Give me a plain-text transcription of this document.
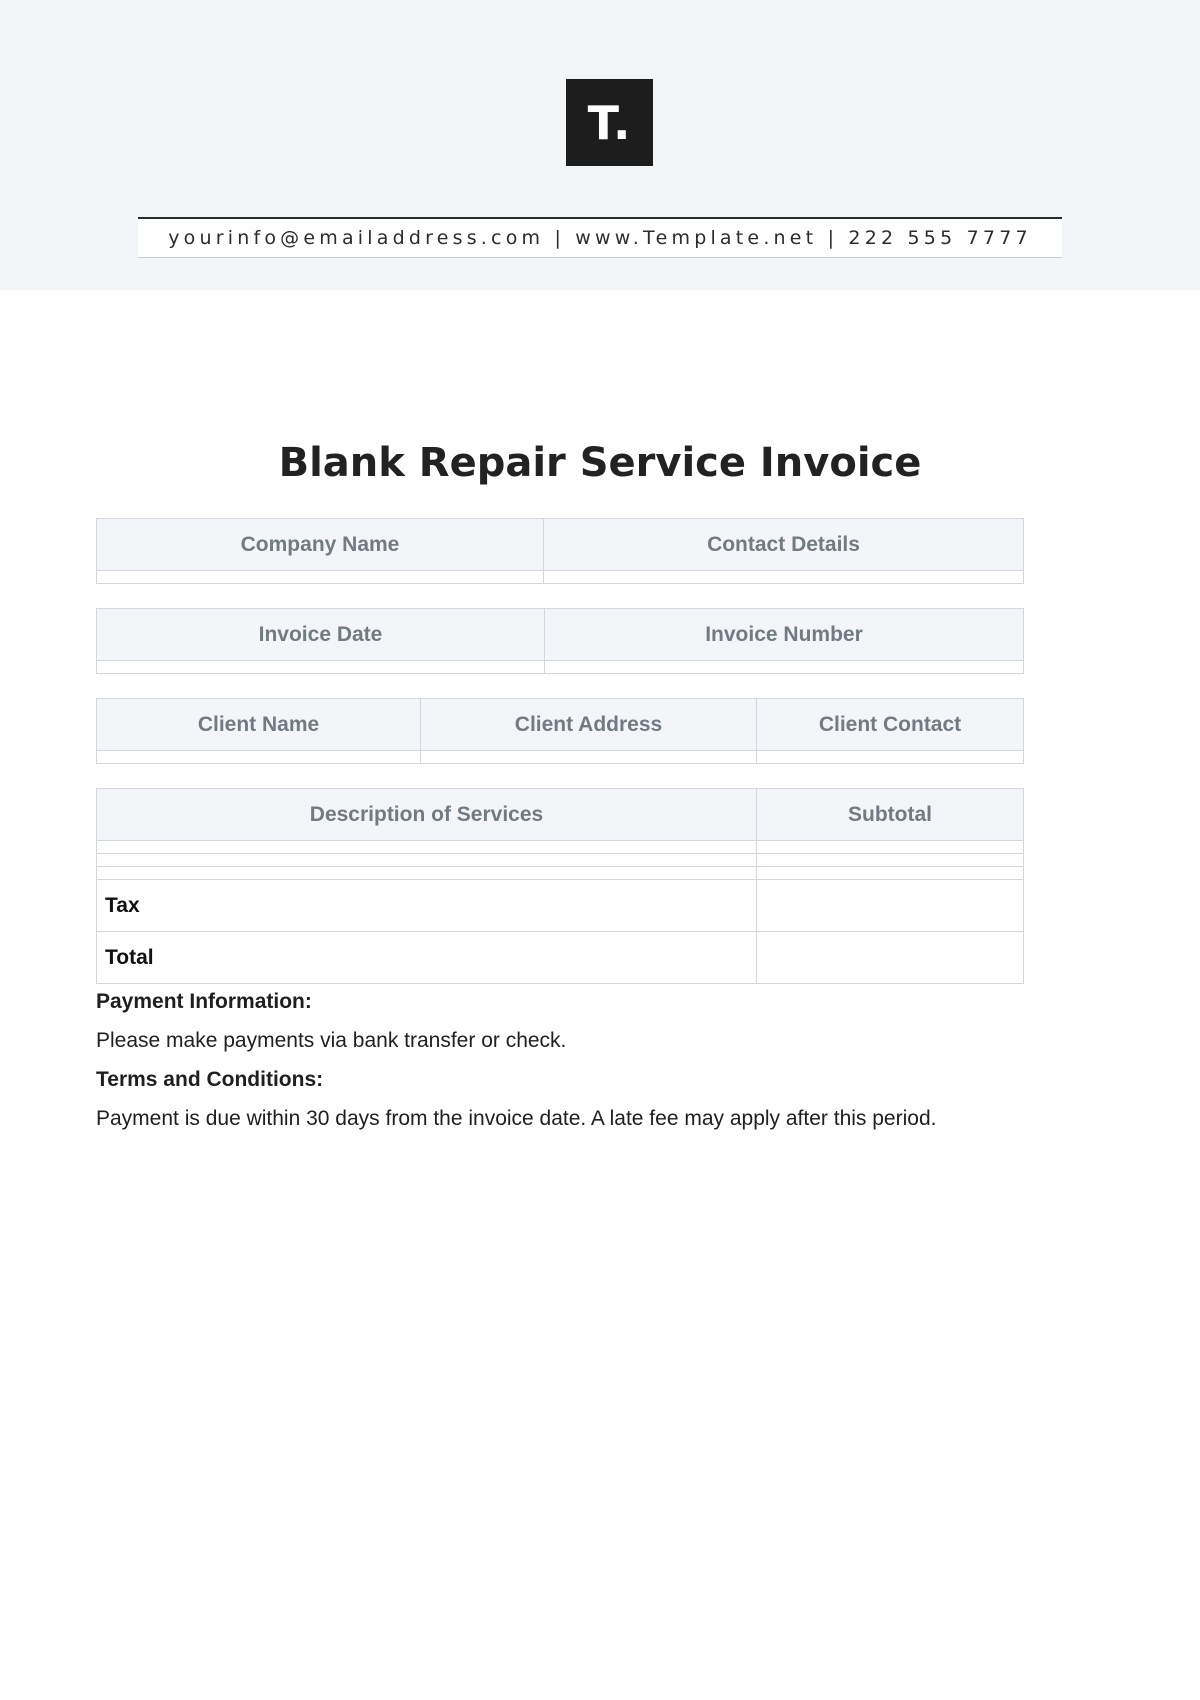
T.
yourinfo@emailaddress.com | www.Template.net | 222 555 7777
Blank Repair Service Invoice
Company Name	Contact Details

Invoice Date	Invoice Number

Client Name	Client Address	Client Contact

Description of Services	Subtotal

Tax	
Total	
Payment Information:
Please make payments via bank transfer or check.
Terms and Conditions:
Payment is due within 30 days from the invoice date. A late fee may apply after this period.
